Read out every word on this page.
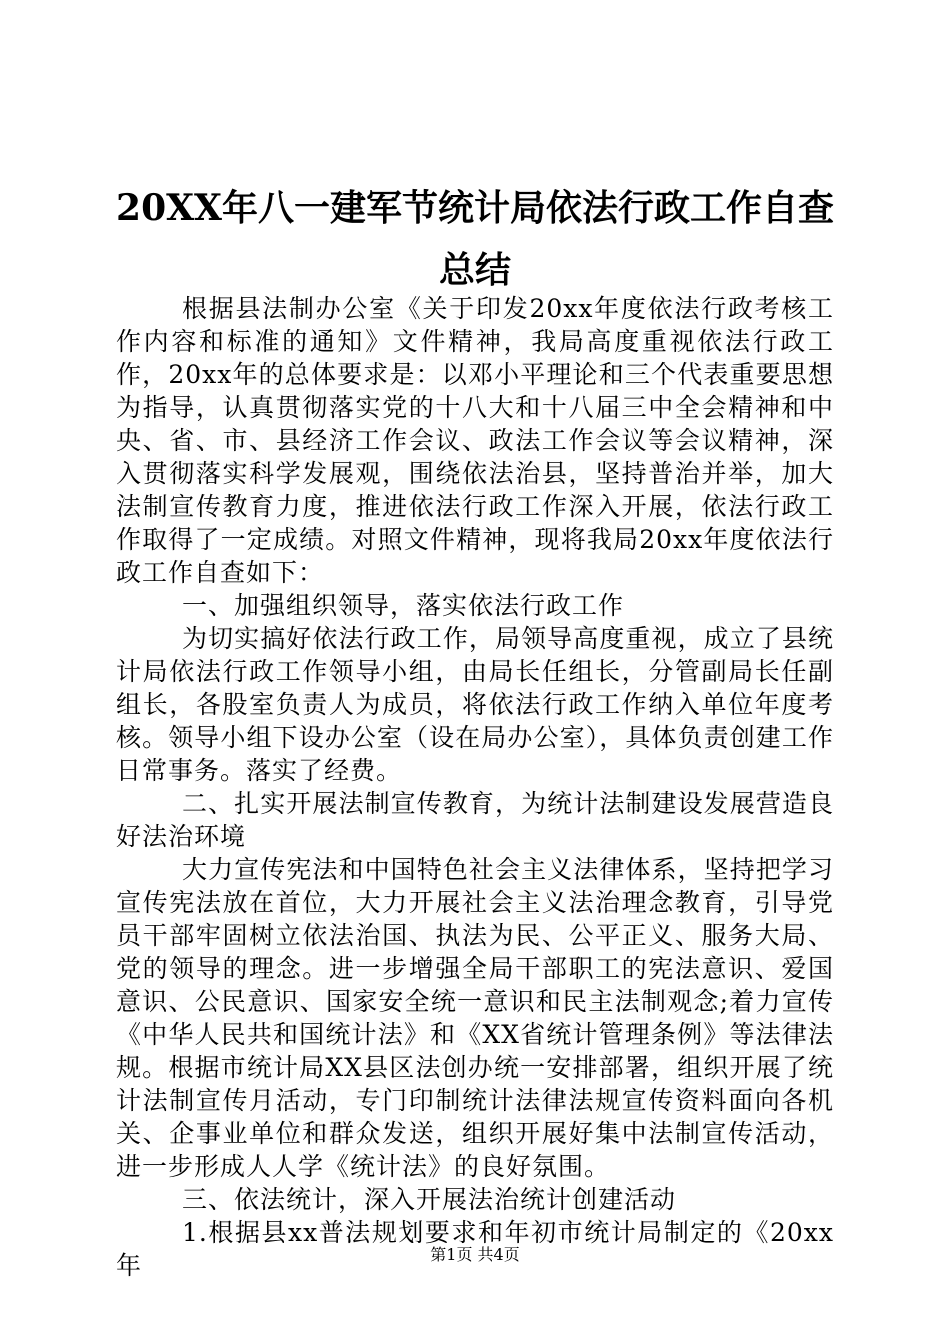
20XX年八一建军节统计局依法行政工作自查
总结

根据县法制办公室《关于印发20xx年度依法行政考核工作内容和标准的通知》文件精神，我局高度重视依法行政工作，20xx年的总体要求是：以邓小平理论和三个代表重要思想为指导，认真贯彻落实党的十八大和十八届三中全会精神和中央、省、市、县经济工作会议、政法工作会议等会议精神，深入贯彻落实科学发展观，围绕依法治县，坚持普治并举，加大法制宣传教育力度，推进依法行政工作深入开展，依法行政工作取得了一定成绩。对照文件精神，现将我局20xx年度依法行政工作自查如下：

一、加强组织领导，落实依法行政工作

为切实搞好依法行政工作，局领导高度重视，成立了县统计局依法行政工作领导小组，由局长任组长，分管副局长任副组长，各股室负责人为成员，将依法行政工作纳入单位年度考核。领导小组下设办公室（设在局办公室），具体负责创建工作日常事务。落实了经费。

二、扎实开展法制宣传教育，为统计法制建设发展营造良好法治环境

大力宣传宪法和中国特色社会主义法律体系，坚持把学习宣传宪法放在首位，大力开展社会主义法治理念教育，引导党员干部牢固树立依法治国、执法为民、公平正义、服务大局、党的领导的理念。进一步增强全局干部职工的宪法意识、爱国意识、公民意识、国家安全统一意识和民主法制观念;着力宣传《中华人民共和国统计法》和《XX省统计管理条例》等法律法规。根据市统计局XX县区法创办统一安排部署，组织开展了统计法制宣传月活动，专门印制统计法律法规宣传资料面向各机关、企事业单位和群众发送，组织开展好集中法制宣传活动，进一步形成人人学《统计法》的良好氛围。

三、依法统计，深入开展法治统计创建活动

1.根据县xx普法规划要求和年初市统计局制定的《20xx年	第1页 共4页
